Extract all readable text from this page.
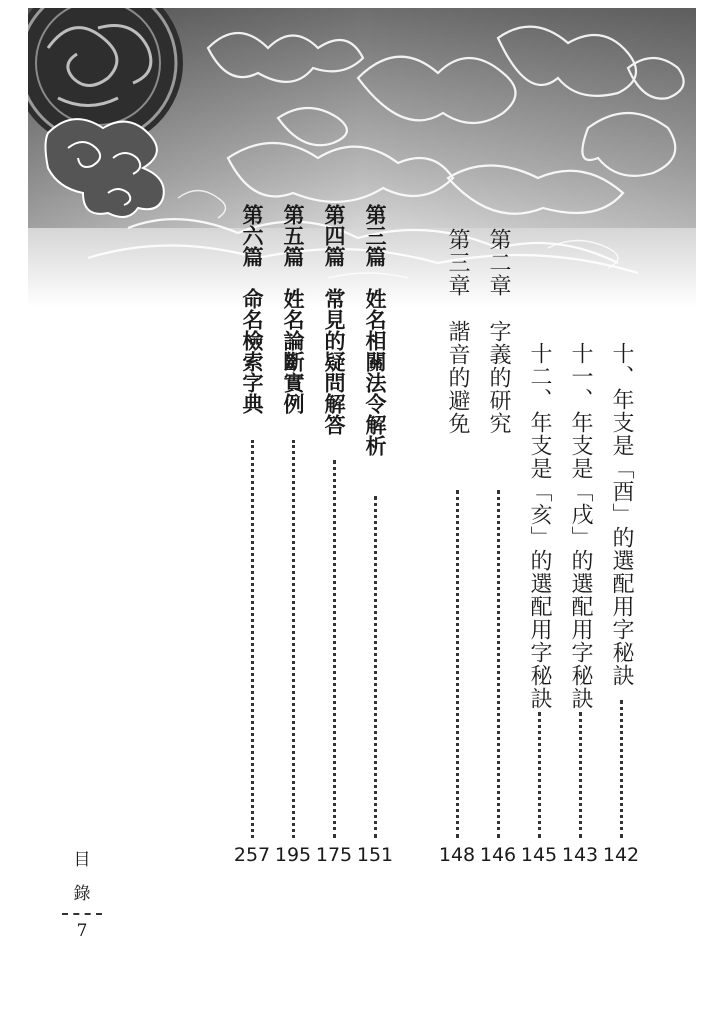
十、年支是「酉」的選配用字秘訣
142
十一、年支是「戌」的選配用字秘訣
143
十二、年支是「亥」的選配用字秘訣
145
第二章　字義的研究
146
第三章　諧音的避免
148
第三篇　姓名相關法令解析
151
第四篇　常見的疑問解答
175
第五篇　姓名論斷實例
195
第六篇　命名檢索字典
257
目
錄
7
